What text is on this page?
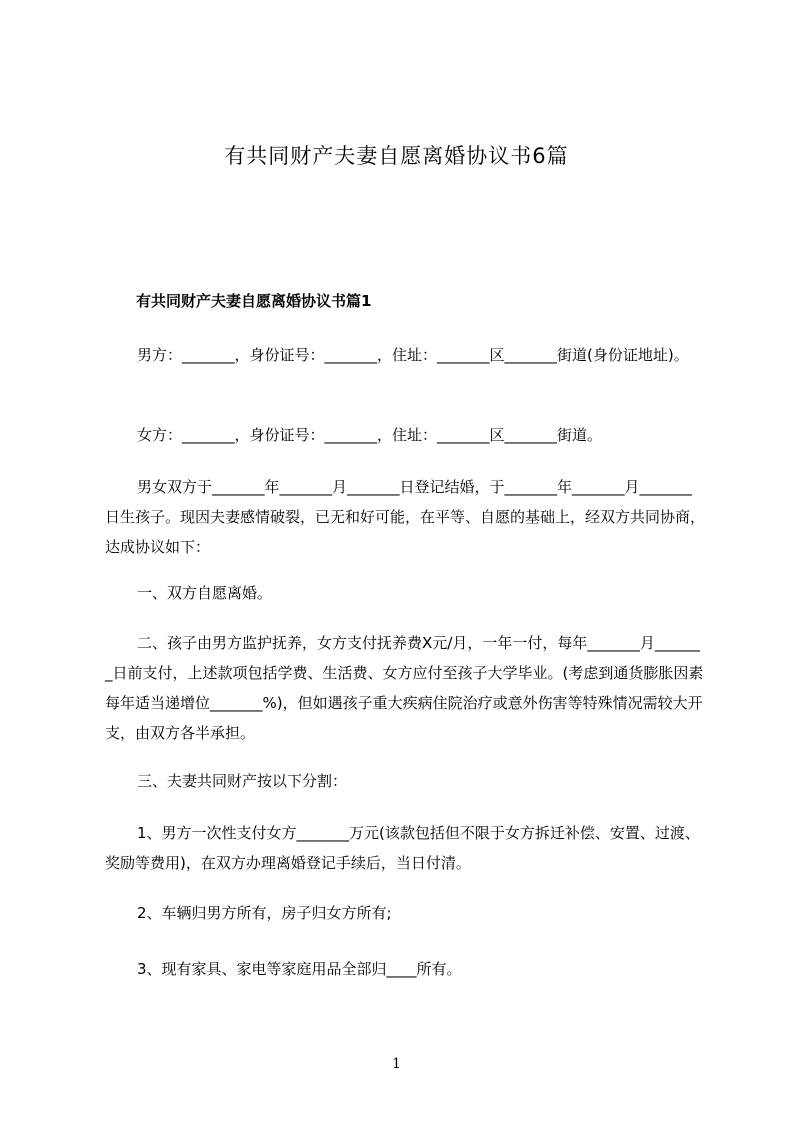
有共同财产夫妻自愿离婚协议书6篇
有共同财产夫妻自愿离婚协议书篇1
男方：_______，身份证号：_______，住址：_______区_______街道(身份证地址)。
女方：_______，身份证号：_______，住址：_______区_______街道。
男女双方于_______年_______月_______日登记结婚，于_______年_______月_______日生孩子。现因夫妻感情破裂，已无和好可能，在平等、自愿的基础上，经双方共同协商，达成协议如下：
一、双方自愿离婚。
二、孩子由男方监护抚养，女方支付抚养费X元/月，一年一付，每年_______月_______日前支付，上述款项包括学费、生活费、女方应付至孩子大学毕业。(考虑到通货膨胀因素每年适当递增位_______%)，但如遇孩子重大疾病住院治疗或意外伤害等特殊情况需较大开支，由双方各半承担。
三、夫妻共同财产按以下分割：
1、男方一次性支付女方_______万元(该款包括但不限于女方拆迁补偿、安置、过渡、奖励等费用)，在双方办理离婚登记手续后，当日付清。
2、车辆归男方所有，房子归女方所有;
3、现有家具、家电等家庭用品全部归____所有。
1
